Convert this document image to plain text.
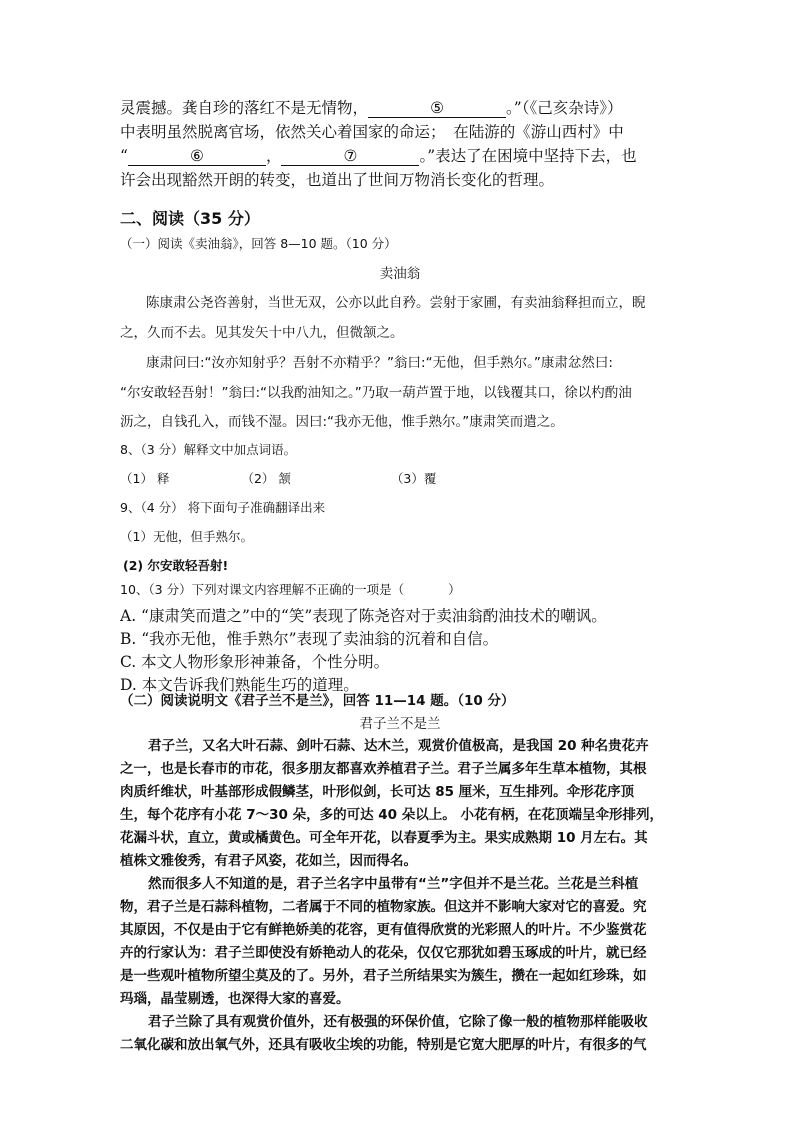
灵震撼。龚自珍的落红不是无情物，	⑤	。”（《己亥杂诗》）
中表明虽然脱离官场，依然关心着国家的命运；　在陆游的《游山西村》中
“	⑥	，	⑦	。”表达了在困境中坚持下去，也
许会出现豁然开朗的转变，也道出了世间万物消长变化的哲理。
二、阅读（35 分）
（一）阅读《卖油翁》，回答 8—10 题。（10 分）
卖油翁
陈康肃公尧咨善射，当世无双，公亦以此自矜。尝射于家圃，有卖油翁释担而立，睨
之，久而不去。见其发矢十中八九，但微颔之。
康肃问曰:“汝亦知射乎？吾射不亦精乎？”翁曰:“无他，但手熟尔。”康肃忿然曰:
“尔安敢轻吾射！”翁曰:“以我酌油知之。”乃取一葫芦置于地，以钱覆其口，徐以杓酌油
沥之，自钱孔入，而钱不湿。因曰:“我亦无他，惟手熟尔。”康肃笑而遣之。
8、（3 分）解释文中加点词语。
（1） 释	（2） 颔	（3）覆
9、（4 分） 将下面句子准确翻译出来
（1）无他，但手熟尔。
(2) 尔安敢轻吾射!
10、（3 分）下列对课文内容理解不正确的一项是（	）
A. “康肃笑而遣之”中的“笑”表现了陈尧咨对于卖油翁酌油技术的嘲讽。
B. “我亦无他，惟手熟尔”表现了卖油翁的沉着和自信。
C. 本文人物形象形神兼备，个性分明。
D. 本文告诉我们熟能生巧的道理。
（二）阅读说明文《君子兰不是兰》，回答 11—14 题。（10 分）
君子兰不是兰
君子兰，又名大叶石蒜、剑叶石蒜、达木兰，观赏价值极高，是我国 20 种名贵花卉
之一，也是长春市的市花，很多朋友都喜欢养植君子兰。君子兰属多年生草本植物，其根
肉质纤维状，叶基部形成假鳞茎，叶形似剑，长可达 85 厘米，互生排列。伞形花序顶
生，每个花序有小花 7～30 朵，多的可达 40 朵以上。 小花有柄，在花顶端呈伞形排列，
花漏斗状，直立，黄或橘黄色。可全年开花，以春夏季为主。果实成熟期 10 月左右。其
植株文雅俊秀，有君子风姿，花如兰，因而得名。
然而很多人不知道的是，君子兰名字中虽带有“兰”字但并不是兰花。兰花是兰科植
物，君子兰是石蒜科植物，二者属于不同的植物家族。但这并不影响大家对它的喜爱。究
其原因，不仅是由于它有鲜艳娇美的花容，更有值得欣赏的光彩照人的叶片。不少鉴赏花
卉的行家认为：君子兰即使没有娇艳动人的花朵，仅仅它那犹如碧玉琢成的叶片，就已经
是一些观叶植物所望尘莫及的了。另外，君子兰所结果实为簇生，攒在一起如红珍珠，如
玛瑙，晶莹剔透，也深得大家的喜爱。
君子兰除了具有观赏价值外，还有极强的环保价值，它除了像一般的植物那样能吸收
二氧化碳和放出氧气外，还具有吸收尘埃的功能，特别是它宽大肥厚的叶片，有很多的气
